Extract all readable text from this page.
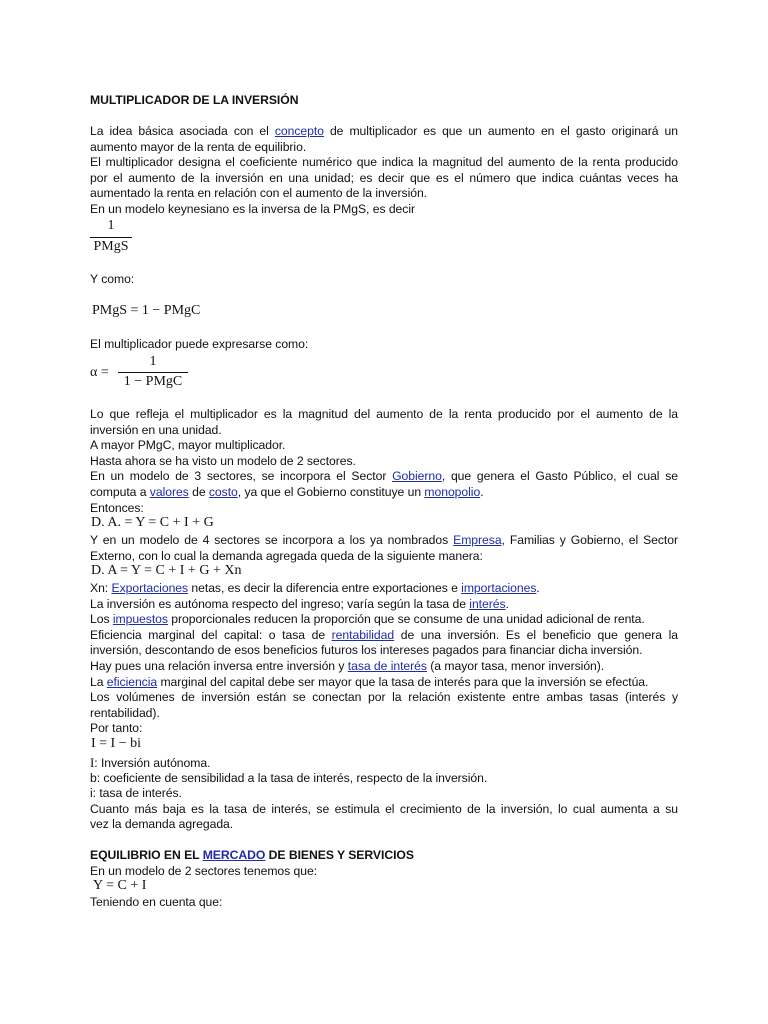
MULTIPLICADOR DE LA INVERSIÓN

La idea básica asociada con el concepto de multiplicador es que un aumento en el gasto originará un

aumento mayor de la renta de equilibrio.

El multiplicador designa el coeficiente numérico que indica la magnitud del aumento de la renta producido

por el aumento de la inversión en una unidad; es decir que es el número que indica cuántas veces ha

aumentado la renta en relación con el aumento de la inversión.

En un modelo keynesiano es la inversa de la PMgS, es decir

1
PMgS

Y como:

PMgS = 1 − PMgC

El multiplicador puede expresarse como:

α =
1
1 − PMgC

Lo que refleja el multiplicador es la magnitud del aumento de la renta producido por el aumento de la

inversión en una unidad.

A mayor PMgC, mayor multiplicador.

Hasta ahora se ha visto un modelo de 2 sectores.

En un modelo de 3 sectores, se incorpora el Sector Gobierno, que genera el Gasto Público, el cual se

computa a valores de costo, ya que el Gobierno constituye un monopolio.

Entonces:

D. A. = Y = C + I + G

Y en un modelo de 4 sectores se incorpora a los ya nombrados Empresa, Familias y Gobierno, el Sector

Externo, con lo cual la demanda agregada queda de la siguiente manera:

D. A = Y = C + I + G + Xn

Xn: Exportaciones netas, es decir la diferencia entre exportaciones e importaciones.

La inversión es autónoma respecto del ingreso; varía según la tasa de interés.

Los impuestos proporcionales reducen la proporción que se consume de una unidad adicional de renta.

Eficiencia marginal del capital: o tasa de rentabilidad de una inversión. Es el beneficio que genera la

inversión, descontando de esos beneficios futuros los intereses pagados para financiar dicha inversión.

Hay pues una relación inversa entre inversión y tasa de interés (a mayor tasa, menor inversión).

La eficiencia marginal del capital debe ser mayor que la tasa de interés para que la inversión se efectúa.

Los volúmenes de inversión están se conectan por la relación existente entre ambas tasas (interés y

rentabilidad).

Por tanto:

I = I − bi

I: Inversión autónoma.

b: coeficiente de sensibilidad a la tasa de interés, respecto de la inversión.

i: tasa de interés.

Cuanto más baja es la tasa de interés, se estimula el crecimiento de la inversión, lo cual aumenta a su

vez la demanda agregada.

EQUILIBRIO EN EL MERCADO DE BIENES Y SERVICIOS

En un modelo de 2 sectores tenemos que:

Y = C + I

Teniendo en cuenta que:
